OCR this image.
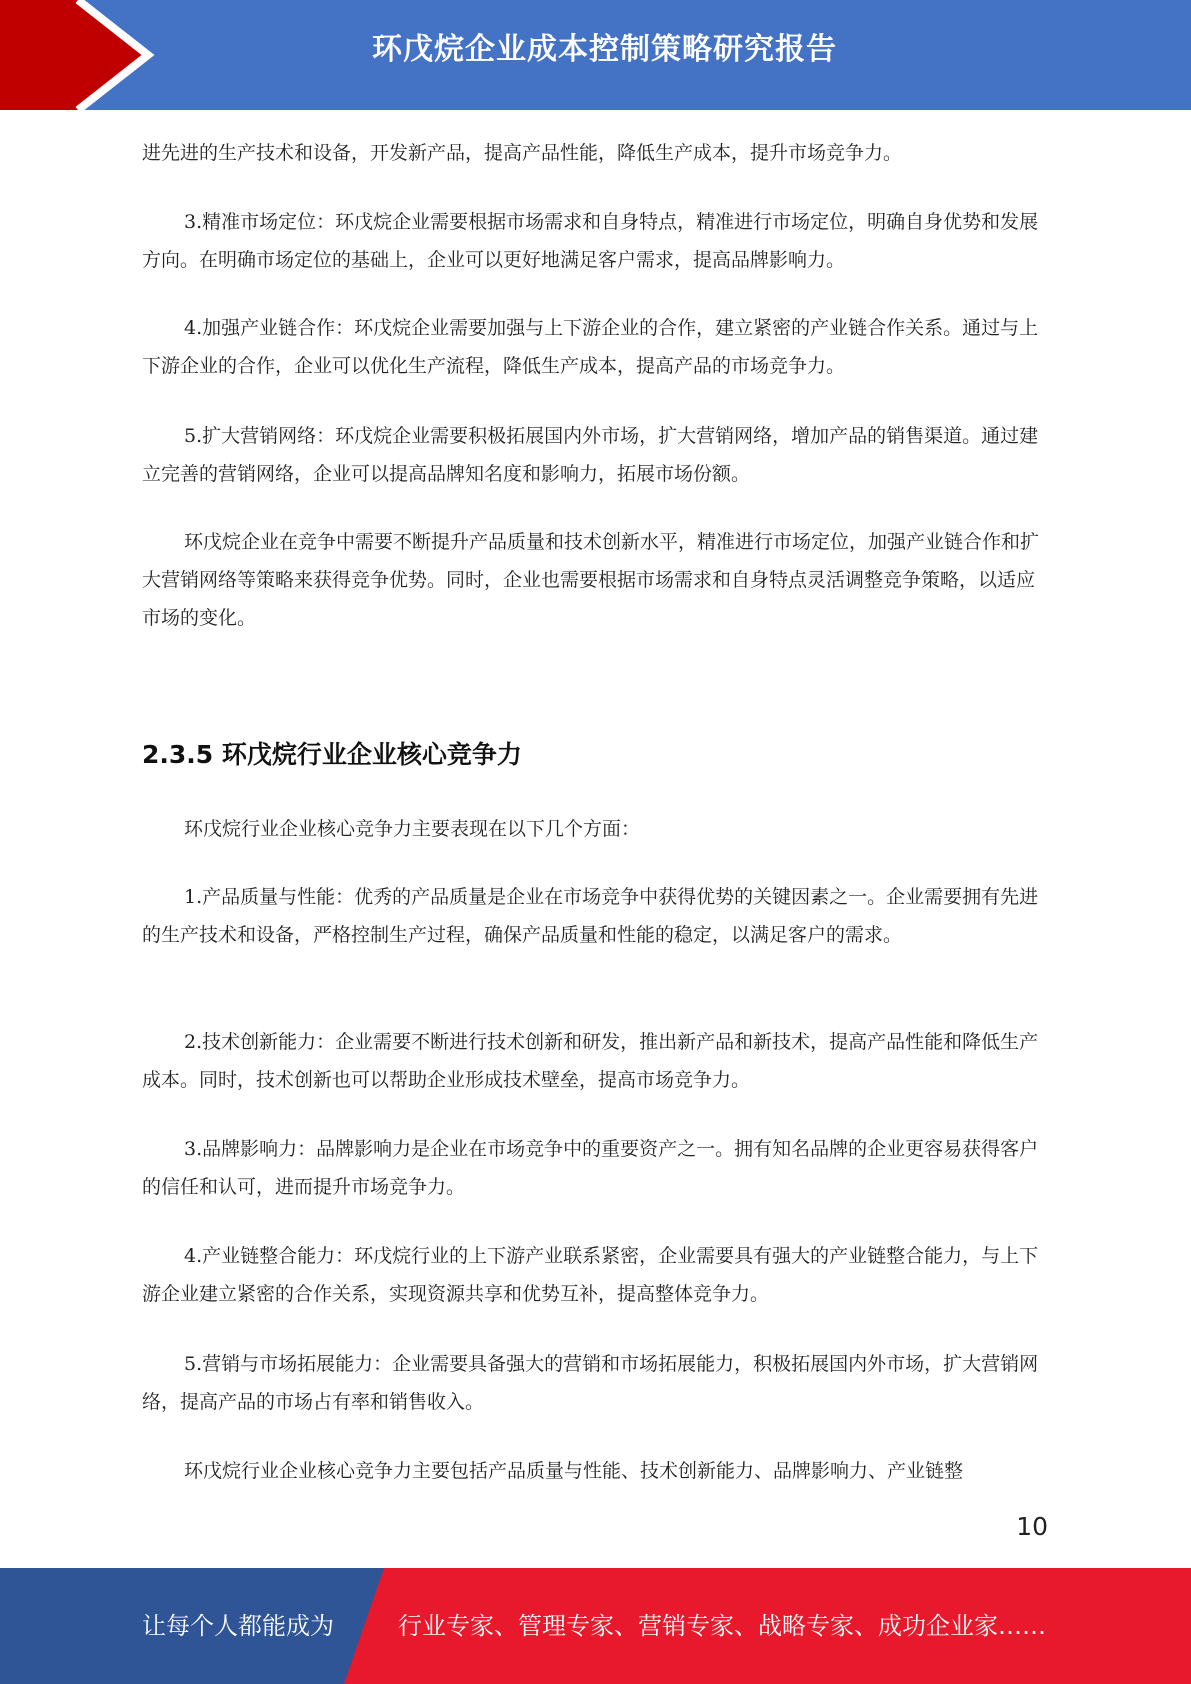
环戊烷企业成本控制策略研究报告

进先进的生产技术和设备，开发新产品，提高产品性能，降低生产成本，提升市场竞争力。

3.精准市场定位：环戊烷企业需要根据市场需求和自身特点，精准进行市场定位，明确自身优势和发展方向。在明确市场定位的基础上，企业可以更好地满足客户需求，提高品牌影响力。

4.加强产业链合作：环戊烷企业需要加强与上下游企业的合作，建立紧密的产业链合作关系。通过与上下游企业的合作，企业可以优化生产流程，降低生产成本，提高产品的市场竞争力。

5.扩大营销网络：环戊烷企业需要积极拓展国内外市场，扩大营销网络，增加产品的销售渠道。通过建立完善的营销网络，企业可以提高品牌知名度和影响力，拓展市场份额。

环戊烷企业在竞争中需要不断提升产品质量和技术创新水平，精准进行市场定位，加强产业链合作和扩大营销网络等策略来获得竞争优势。同时，企业也需要根据市场需求和自身特点灵活调整竞争策略，以适应市场的变化。

2.3.5 环戊烷行业企业核心竞争力

环戊烷行业企业核心竞争力主要表现在以下几个方面：

1.产品质量与性能：优秀的产品质量是企业在市场竞争中获得优势的关键因素之一。企业需要拥有先进的生产技术和设备，严格控制生产过程，确保产品质量和性能的稳定，以满足客户的需求。

2.技术创新能力：企业需要不断进行技术创新和研发，推出新产品和新技术，提高产品性能和降低生产成本。同时，技术创新也可以帮助企业形成技术壁垒，提高市场竞争力。

3.品牌影响力：品牌影响力是企业在市场竞争中的重要资产之一。拥有知名品牌的企业更容易获得客户的信任和认可，进而提升市场竞争力。

4.产业链整合能力：环戊烷行业的上下游产业联系紧密，企业需要具有强大的产业链整合能力，与上下游企业建立紧密的合作关系，实现资源共享和优势互补，提高整体竞争力。

5.营销与市场拓展能力：企业需要具备强大的营销和市场拓展能力，积极拓展国内外市场，扩大营销网络，提高产品的市场占有率和销售收入。

环戊烷行业企业核心竞争力主要包括产品质量与性能、技术创新能力、品牌影响力、产业链整

10
让每个人都能成为	行业专家、管理专家、营销专家、战略专家、成功企业家……
